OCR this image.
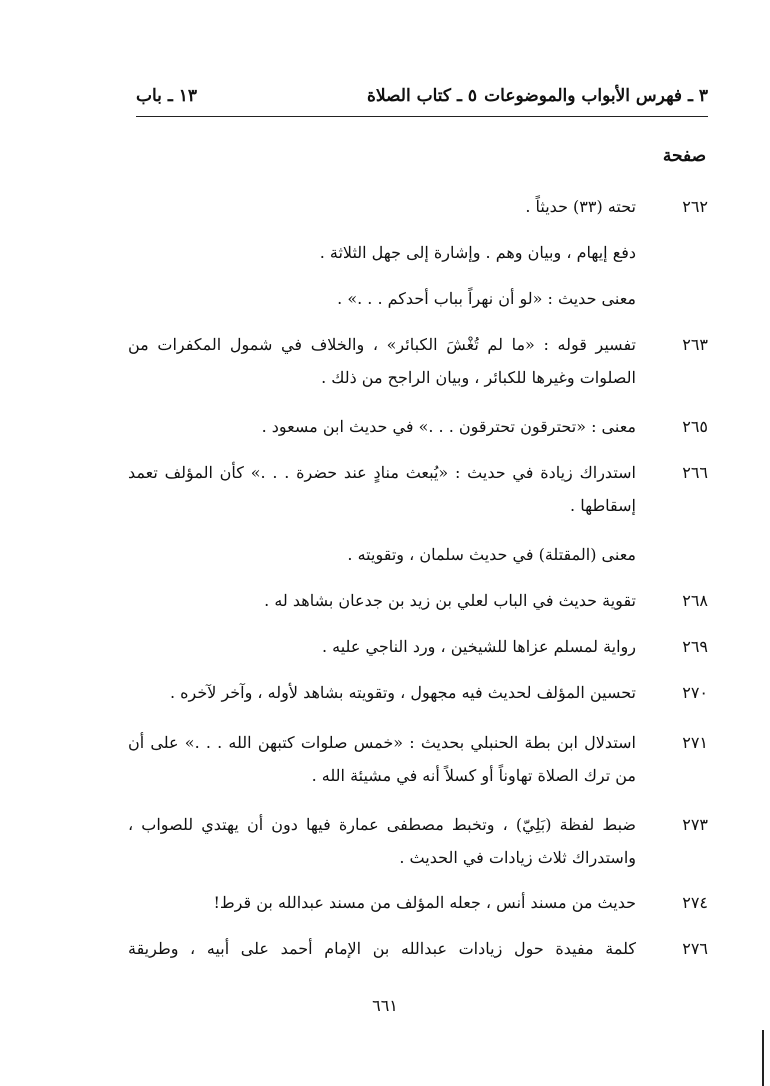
٣ ـ فهرس الأبواب والموضوعات
٥ ـ كتاب الصلاة
١٣ ـ باب
صفحة
٢٦٢
تحته (٣٣) حديثاً .
دفع إيهام ، وبيان وهم . وإشارة إلى جهل الثلاثة .
معنى حديث : «لو أن نهراً بباب أحدكم . . .» .
٢٦٣
تفسير قوله : «ما لم تُغْشَ الكبائر» ، والخلاف في شمول المكفرات من الصلوات وغيرها للكبائر ، وبيان الراجح من ذلك .
٢٦٥
معنى : «تحترقون تحترقون . . .» في حديث ابن مسعود .
٢٦٦
استدراك زيادة في حديث : «يُبعث منادٍ عند حضرة . . .» كأن المؤلف تعمد إسقاطها .
معنى (المقتلة) في حديث سلمان ، وتقويته .
٢٦٨
تقوية حديث في الباب لعلي بن زيد بن جدعان بشاهد له .
٢٦٩
رواية لمسلم عزاها للشيخين ، ورد الناجي عليه .
٢٧٠
تحسين المؤلف لحديث فيه مجهول ، وتقويته بشاهد لأوله ، وآخر لآخره .
٢٧١
استدلال ابن بطة الحنبلي بحديث : «خمس صلوات كتبهن الله . . .» على أن من ترك الصلاة تهاوناً أو كسلاً أنه في مشيئة الله .
٢٧٣
ضبط لفظة (بَلِيّ) ، وتخبط مصطفى عمارة فيها دون أن يهتدي للصواب ، واستدراك ثلاث زيادات في الحديث .
٢٧٤
حديث من مسند أنس ، جعله المؤلف من مسند عبدالله بن قرط!
٢٧٦
كلمة مفيدة حول زيادات عبدالله بن الإمام أحمد على أبيه ، وطريقة
٦٦١
